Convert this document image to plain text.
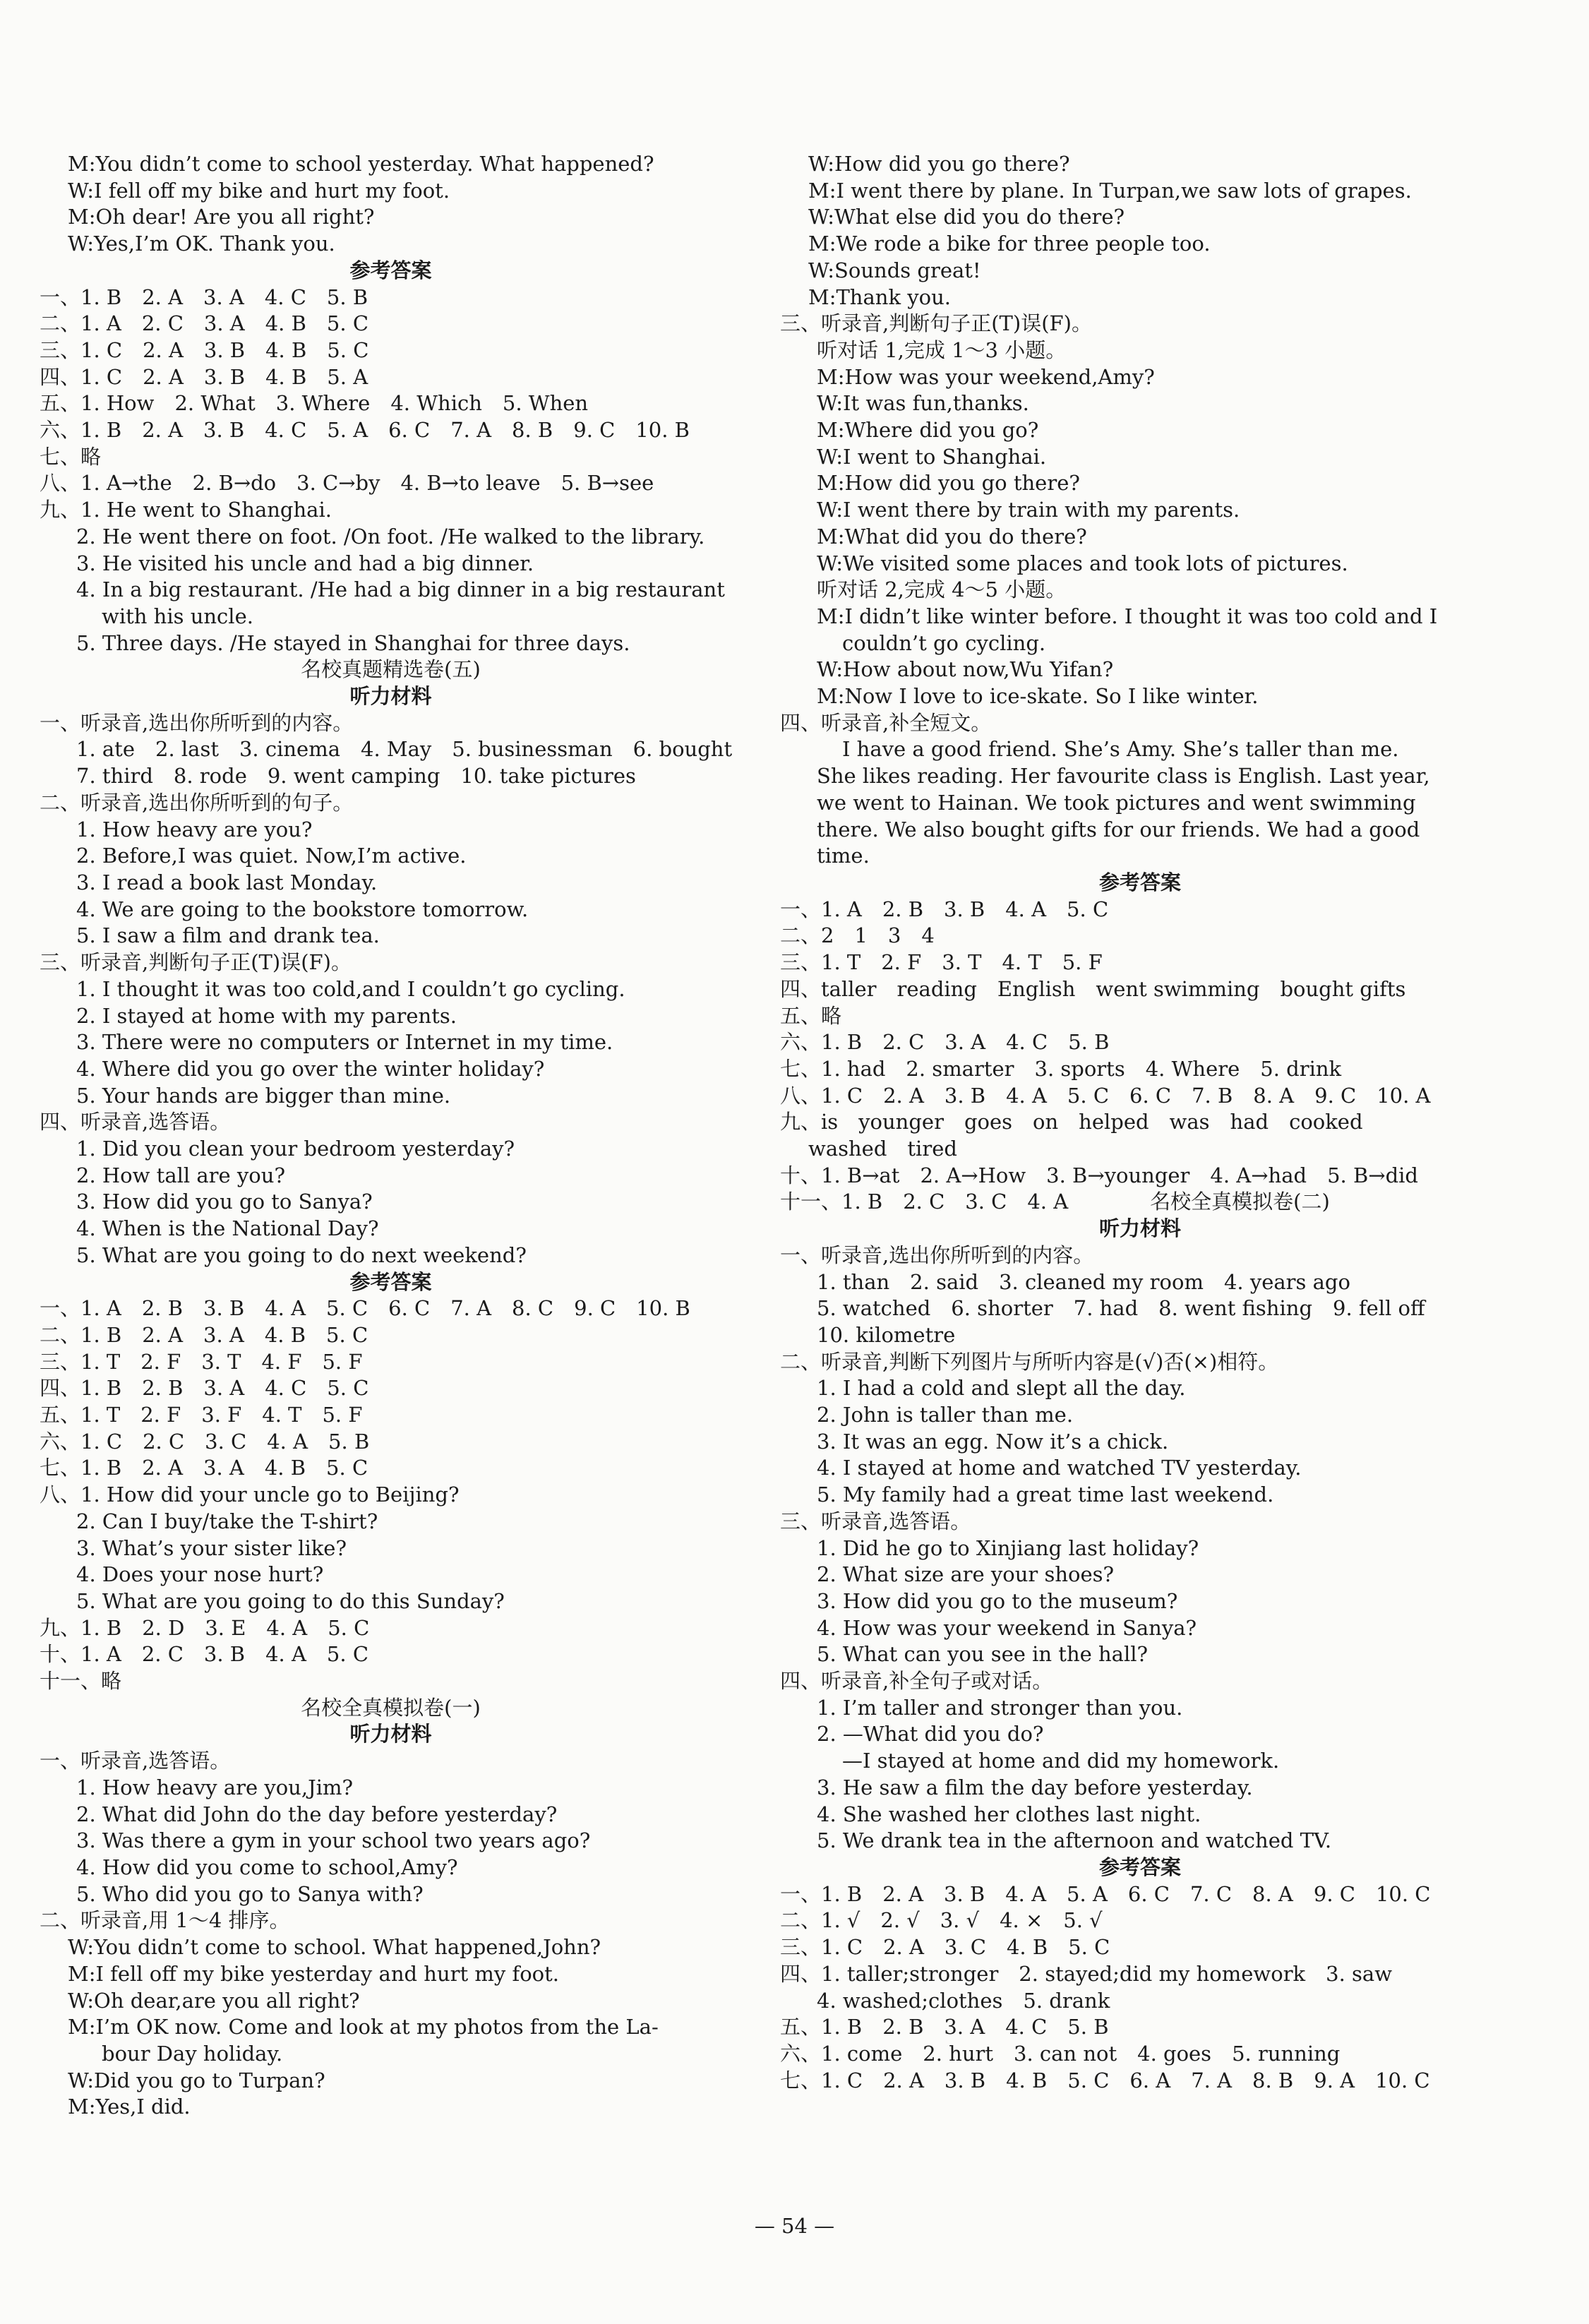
M:You didn’t come to school yesterday. What happened?
W:I fell off my bike and hurt my foot.
M:Oh dear! Are you all right?
W:Yes,I’m OK. Thank you.
参考答案
一、1. B　2. A　3. A　4. C　5. B
二、1. A　2. C　3. A　4. B　5. C
三、1. C　2. A　3. B　4. B　5. C
四、1. C　2. A　3. B　4. B　5. A
五、1. How　2. What　3. Where　4. Which　5. When
六、1. B　2. A　3. B　4. C　5. A　6. C　7. A　8. B　9. C　10. B
七、略
八、1. A→the　2. B→do　3. C→by　4. B→to leave　5. B→see
九、1. He went to Shanghai.
2. He went there on foot. /On foot. /He walked to the library.
3. He visited his uncle and had a big dinner.
4. In a big restaurant. /He had a big dinner in a big restaurant
with his uncle.
5. Three days. /He stayed in Shanghai for three days.
名校真题精选卷(五)
听力材料
一、听录音,选出你所听到的内容。
1. ate　2. last　3. cinema　4. May　5. businessman　6. bought
7. third　8. rode　9. went camping　10. take pictures
二、听录音,选出你所听到的句子。
1. How heavy are you?
2. Before,I was quiet. Now,I’m active.
3. I read a book last Monday.
4. We are going to the bookstore tomorrow.
5. I saw a film and drank tea.
三、听录音,判断句子正(T)误(F)。
1. I thought it was too cold,and I couldn’t go cycling.
2. I stayed at home with my parents.
3. There were no computers or Internet in my time.
4. Where did you go over the winter holiday?
5. Your hands are bigger than mine.
四、听录音,选答语。
1. Did you clean your bedroom yesterday?
2. How tall are you?
3. How did you go to Sanya?
4. When is the National Day?
5. What are you going to do next weekend?
参考答案
一、1. A　2. B　3. B　4. A　5. C　6. C　7. A　8. C　9. C　10. B
二、1. B　2. A　3. A　4. B　5. C
三、1. T　2. F　3. T　4. F　5. F
四、1. B　2. B　3. A　4. C　5. C
五、1. T　2. F　3. F　4. T　5. F
六、1. C　2. C　3. C　4. A　5. B
七、1. B　2. A　3. A　4. B　5. C
八、1. How did your uncle go to Beijing?
2. Can I buy/take the T-shirt?
3. What’s your sister like?
4. Does your nose hurt?
5. What are you going to do this Sunday?
九、1. B　2. D　3. E　4. A　5. C
十、1. A　2. C　3. B　4. A　5. C
十一、略
名校全真模拟卷(一)
听力材料
一、听录音,选答语。
1. How heavy are you,Jim?
2. What did John do the day before yesterday?
3. Was there a gym in your school two years ago?
4. How did you come to school,Amy?
5. Who did you go to Sanya with?
二、听录音,用 1～4 排序。
W:You didn’t come to school. What happened,John?
M:I fell off my bike yesterday and hurt my foot.
W:Oh dear,are you all right?
M:I’m OK now. Come and look at my photos from the La-
bour Day holiday.
W:Did you go to Turpan?
M:Yes,I did.
W:How did you go there?
M:I went there by plane. In Turpan,we saw lots of grapes.
W:What else did you do there?
M:We rode a bike for three people too.
W:Sounds great!
M:Thank you.
三、听录音,判断句子正(T)误(F)。
听对话 1,完成 1～3 小题。
M:How was your weekend,Amy?
W:It was fun,thanks.
M:Where did you go?
W:I went to Shanghai.
M:How did you go there?
W:I went there by train with my parents.
M:What did you do there?
W:We visited some places and took lots of pictures.
听对话 2,完成 4～5 小题。
M:I didn’t like winter before. I thought it was too cold and I
couldn’t go cycling.
W:How about now,Wu Yifan?
M:Now I love to ice-skate. So I like winter.
四、听录音,补全短文。
I have a good friend. She’s Amy. She’s taller than me.
She likes reading. Her favourite class is English. Last year,
we went to Hainan. We took pictures and went swimming
there. We also bought gifts for our friends. We had a good
time.
参考答案
一、1. A　2. B　3. B　4. A　5. C
二、2　1　3　4
三、1. T　2. F　3. T　4. T　5. F
四、taller　reading　English　went swimming　bought gifts
五、略
六、1. B　2. C　3. A　4. C　5. B
七、1. had　2. smarter　3. sports　4. Where　5. drink
八、1. C　2. A　3. B　4. A　5. C　6. C　7. B　8. A　9. C　10. A
九、is　younger　goes　on　helped　was　had　cooked
washed　tired
十、1. B→at　2. A→How　3. B→younger　4. A→had　5. B→did
十一、1. B　2. C　3. C　4. A　　　　名校全真模拟卷(二)
听力材料
一、听录音,选出你所听到的内容。
1. than　2. said　3. cleaned my room　4. years ago
5. watched　6. shorter　7. had　8. went fishing　9. fell off
10. kilometre
二、听录音,判断下列图片与所听内容是(√)否(×)相符。
1. I had a cold and slept all the day.
2. John is taller than me.
3. It was an egg. Now it’s a chick.
4. I stayed at home and watched TV yesterday.
5. My family had a great time last weekend.
三、听录音,选答语。
1. Did he go to Xinjiang last holiday?
2. What size are your shoes?
3. How did you go to the museum?
4. How was your weekend in Sanya?
5. What can you see in the hall?
四、听录音,补全句子或对话。
1. I’m taller and stronger than you.
2. —What did you do?
—I stayed at home and did my homework.
3. He saw a film the day before yesterday.
4. She washed her clothes last night.
5. We drank tea in the afternoon and watched TV.
参考答案
一、1. B　2. A　3. B　4. A　5. A　6. C　7. C　8. A　9. C　10. C
二、1. √　2. √　3. √　4. ×　5. √
三、1. C　2. A　3. C　4. B　5. C
四、1. taller;stronger　2. stayed;did my homework　3. saw
4. washed;clothes　5. drank
五、1. B　2. B　3. A　4. C　5. B
六、1. come　2. hurt　3. can not　4. goes　5. running
七、1. C　2. A　3. B　4. B　5. C　6. A　7. A　8. B　9. A　10. C
— 54 —
